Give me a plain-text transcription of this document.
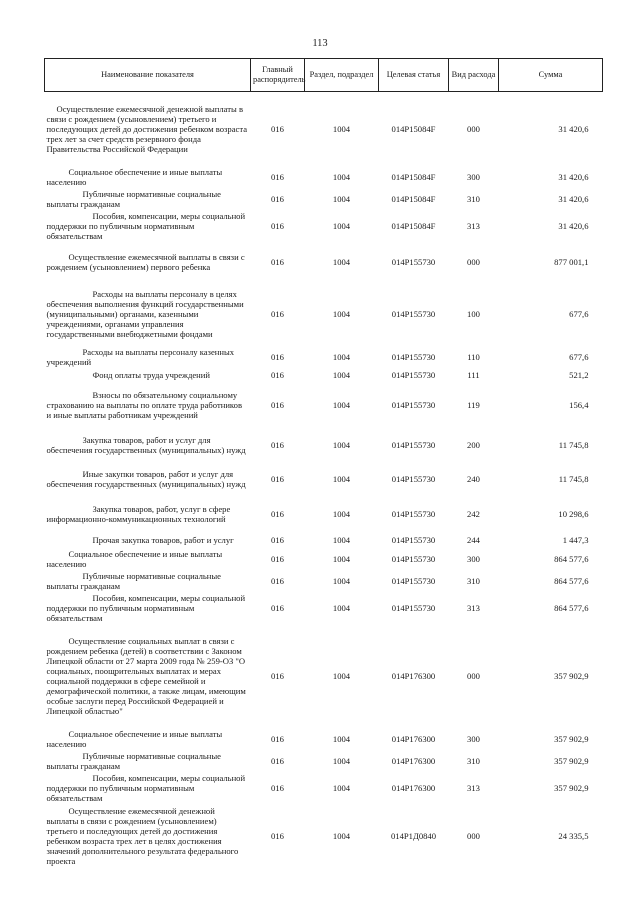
113
Наименование показателя	Главный распорядитель	Раздел, подраздел	Целевая статья	Вид расхода	Сумма
Осуществление ежемесячной денежной выплаты в связи с рождением (усыновлением) третьего и последующих детей до достижения ребенком возраста трех лет за счет средств резервного фонда Правительства Российской Федерации	016	1004	014P15084F	000	31 420,6
Социальное обеспечение и иные выплаты населению	016	1004	014P15084F	300	31 420,6
Публичные нормативные социальные выплаты гражданам	016	1004	014P15084F	310	31 420,6
Пособия, компенсации, меры социальной поддержки по публичным нормативным обязательствам	016	1004	014P15084F	313	31 420,6
Осуществление ежемесячной выплаты в связи с рождением (усыновлением) первого ребенка	016	1004	014P155730	000	877 001,1
Расходы на выплаты персоналу в целях обеспечения выполнения функций государственными (муниципальными) органами, казенными учреждениями, органами управления государственными внебюджетными фондами	016	1004	014P155730	100	677,6
Расходы на выплаты персоналу казенных учреждений	016	1004	014P155730	110	677,6
Фонд оплаты труда учреждений	016	1004	014P155730	111	521,2
Взносы по обязательному социальному страхованию на выплаты по оплате труда работников и иные выплаты работникам учреждений	016	1004	014P155730	119	156,4
Закупка товаров, работ и услуг для обеспечения государственных (муниципальных) нужд	016	1004	014P155730	200	11 745,8
Иные закупки товаров, работ и услуг для обеспечения государственных (муниципальных) нужд	016	1004	014P155730	240	11 745,8
Закупка товаров, работ, услуг в сфере информационно-коммуникационных технологий	016	1004	014P155730	242	10 298,6
Прочая закупка товаров, работ и услуг	016	1004	014P155730	244	1 447,3
Социальное обеспечение и иные выплаты населению	016	1004	014P155730	300	864 577,6
Публичные нормативные социальные выплаты гражданам	016	1004	014P155730	310	864 577,6
Пособия, компенсации, меры социальной поддержки по публичным нормативным обязательствам	016	1004	014P155730	313	864 577,6
Осуществление социальных выплат в связи с рождением ребенка (детей) в соответствии с Законом Липецкой области от 27 марта 2009 года № 259-ОЗ "О социальных, поощрительных выплатах и мерах социальной поддержки в сфере семейной и демографической политики, а также лицам, имеющим особые заслуги перед Российской Федерацией и Липецкой областью"	016	1004	014P176300	000	357 902,9
Социальное обеспечение и иные выплаты населению	016	1004	014P176300	300	357 902,9
Публичные нормативные социальные выплаты гражданам	016	1004	014P176300	310	357 902,9
Пособия, компенсации, меры социальной поддержки по публичным нормативным обязательствам	016	1004	014P176300	313	357 902,9
Осуществление ежемесячной денежной выплаты в связи с рождением (усыновлением) третьего и последующих детей до достижения ребенком возраста трех лет в целях достижения значений дополнительного результата федерального проекта	016	1004	014P1Д0840	000	24 335,5
